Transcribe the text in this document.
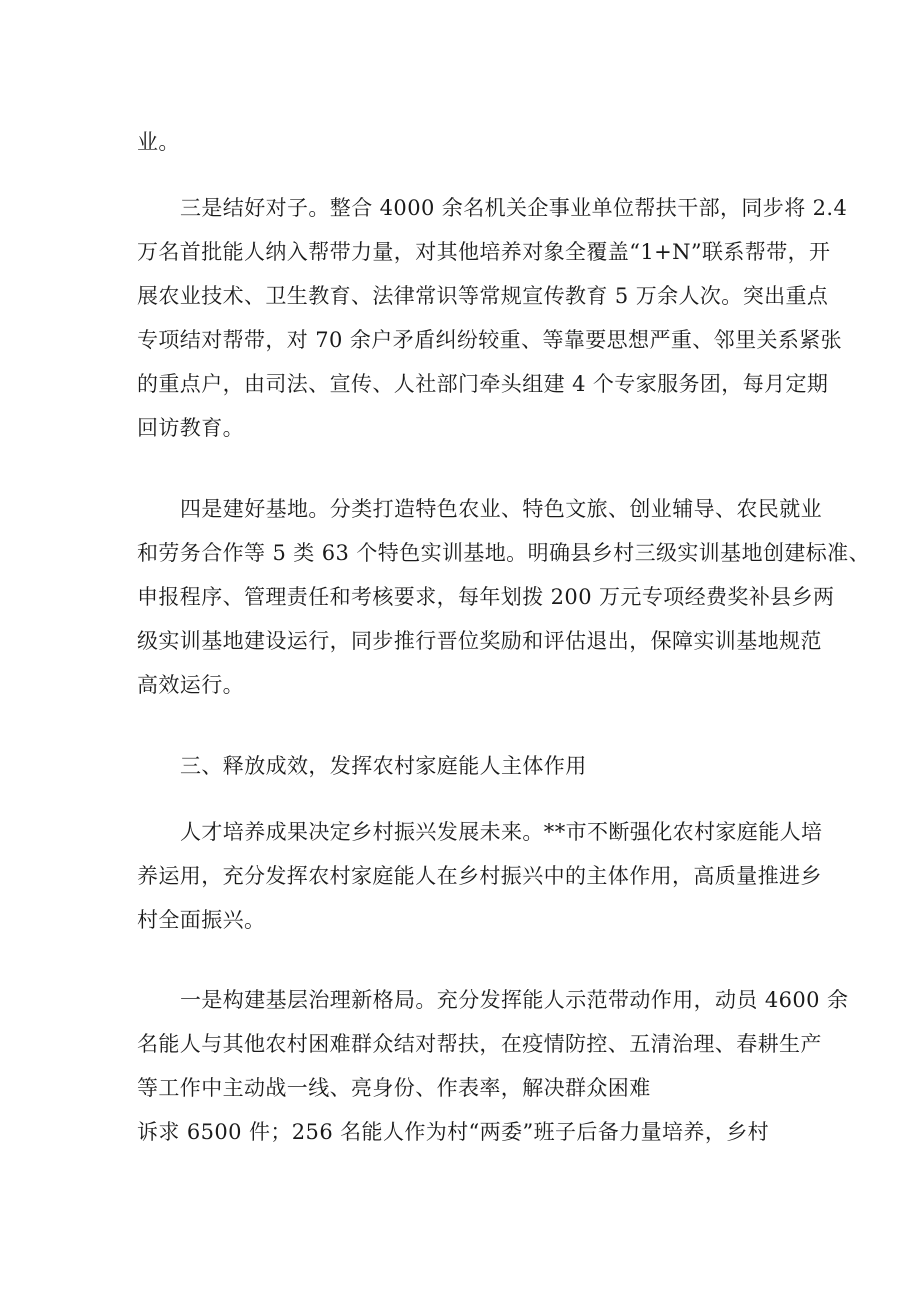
业。
三是结好对子。整合 4000 余名机关企事业单位帮扶干部，同步将 2.4
万名首批能人纳入帮带力量，对其他培养对象全覆盖“1+N”联系帮带，开
展农业技术、卫生教育、法律常识等常规宣传教育 5 万余人次。突出重点
专项结对帮带，对 70 余户矛盾纠纷较重、等靠要思想严重、邻里关系紧张
的重点户，由司法、宣传、人社部门牵头组建 4 个专家服务团，每月定期
回访教育。
四是建好基地。分类打造特色农业、特色文旅、创业辅导、农民就业
和劳务合作等 5 类 63 个特色实训基地。明确县乡村三级实训基地创建标准、
申报程序、管理责任和考核要求，每年划拨 200 万元专项经费奖补县乡两
级实训基地建设运行，同步推行晋位奖励和评估退出，保障实训基地规范
高效运行。
三、释放成效，发挥农村家庭能人主体作用
人才培养成果决定乡村振兴发展未来。**市不断强化农村家庭能人培
养运用，充分发挥农村家庭能人在乡村振兴中的主体作用，高质量推进乡
村全面振兴。
一是构建基层治理新格局。充分发挥能人示范带动作用，动员 4600 余
名能人与其他农村困难群众结对帮扶，在疫情防控、五清治理、春耕生产
等工作中主动战一线、亮身份、作表率，解决群众困难
诉求 6500 件；256 名能人作为村“两委”班子后备力量培养，乡村
